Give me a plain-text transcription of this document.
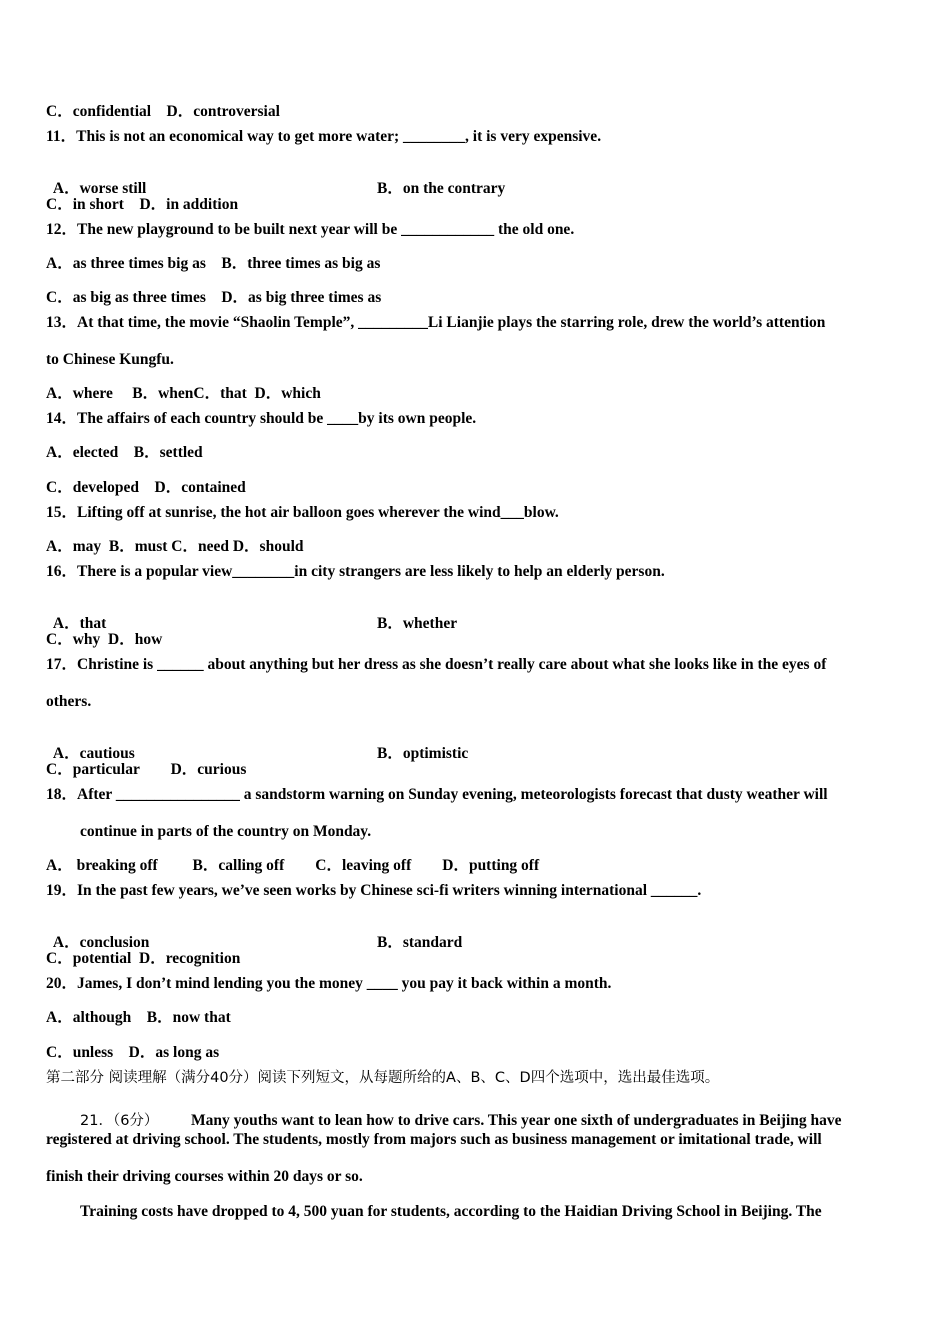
C．confidential　D．controversial
11．This is not an economical way to get more water; ________, it is very expensive.

A．worse still	B．on the contrary

C．in short　D．in addition
12．The new playground to be built next year will be ____________ the old one.
A．as three times big as　B．three times as big as
C．as big as three times　D．as big three times as
13．At that time, the movie “Shaolin Temple”, _________Li Lianjie plays the starring role, drew the world’s attention
to Chinese Kungfu.
A．where　 B．whenC．that  D．which
14．The affairs of each country should be ____by its own people.
A．elected　B．settled
C．developed　D．contained
15．Lifting off at sunrise, the hot air balloon goes wherever the wind___blow.
A．may  B．must C．need D．should
16．There is a popular view________in city strangers are less likely to help an elderly person.

A．that	B．whether

C．why  D．how
17．Christine is ______ about anything but her dress as she doesn’t really care about what she looks like in the eyes of
others.

A．cautious	B．optimistic

C．particular　　D．curious
18．After ________________ a sandstorm warning on Sunday evening, meteorologists forecast that dusty weather will
continue in parts of the country on Monday.
A． breaking off　　 B．calling off　　C．leaving off　　D．putting off
19．In the past few years, we’ve seen works by Chinese sci-fi writers winning international ______.

A．conclusion	B．standard

C．potential  D．recognition
20．James, I don’t mind lending you the money ____ you pay it back within a month.
A．although　B．now that
C．unless　D．as long as
第二部分 阅读理解（满分40分）阅读下列短文，从每题所给的A、B、C、D四个选项中，选出最佳选项。

21．（6分） Many youths want to lean how to drive cars. This year one sixth of undergraduates in Beijing have

registered at driving school. The students, mostly from majors such as business management or imitational trade, will
finish their driving courses within 20 days or so.
Training costs have dropped to 4, 500 yuan for students, according to the Haidian Driving School in Beijing. The
